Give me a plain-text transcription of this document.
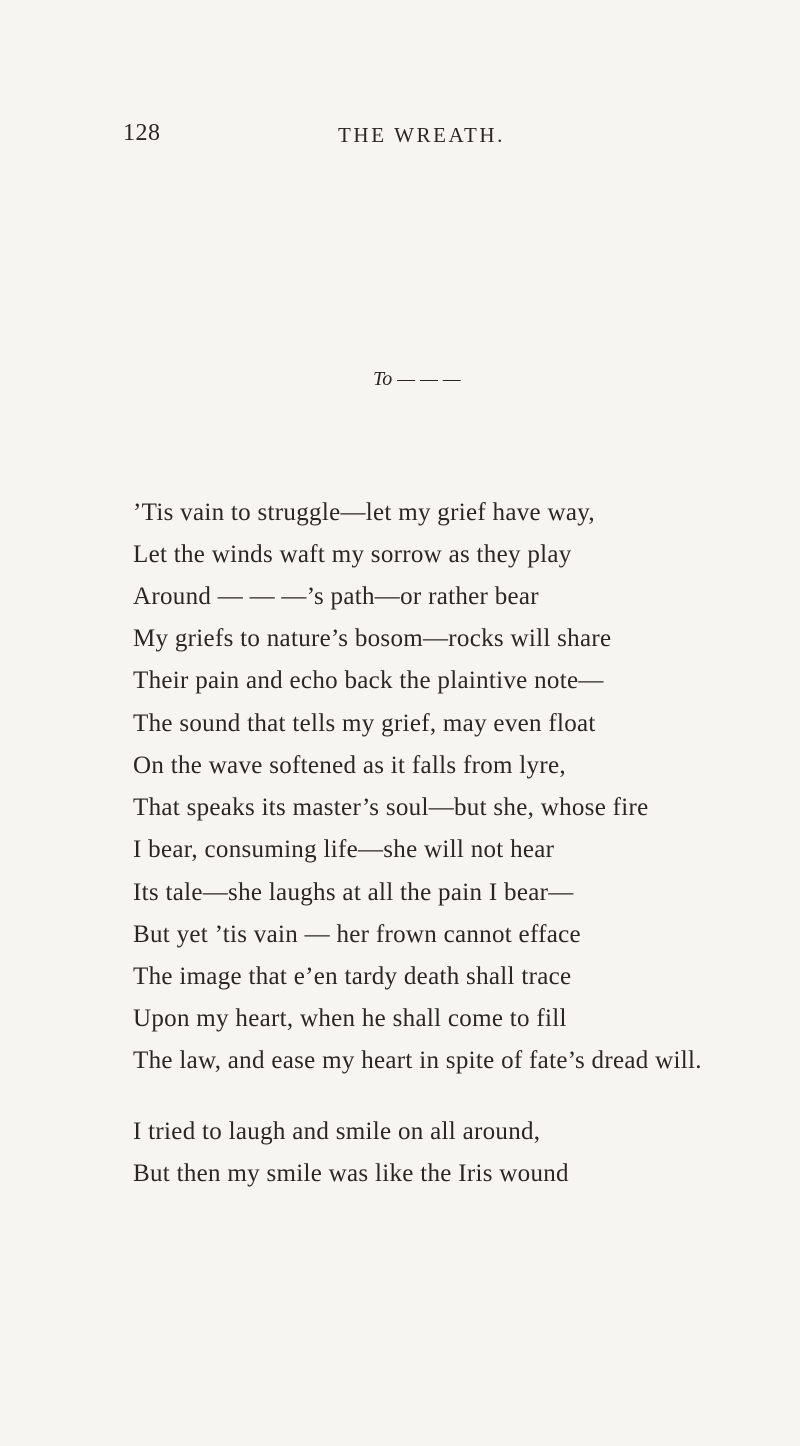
128	THE WREATH.
To — — —
’Tis vain to struggle—let my grief have way,
Let the winds waft my sorrow as they play
Around — — —’s path—or rather bear
My griefs to nature’s bosom—rocks will share
Their pain and echo back the plaintive note—
The sound that tells my grief, may even float
On the wave softened as it falls from lyre,
That speaks its master’s soul—but she, whose fire
I bear, consuming life—she will not hear
Its tale—she laughs at all the pain I bear—
But yet ’tis vain — her frown cannot efface
The image that e’en tardy death shall trace
Upon my heart, when he shall come to fill
The law, and ease my heart in spite of fate’s dread will.
I tried to laugh and smile on all around,
But then my smile was like the Iris wound
